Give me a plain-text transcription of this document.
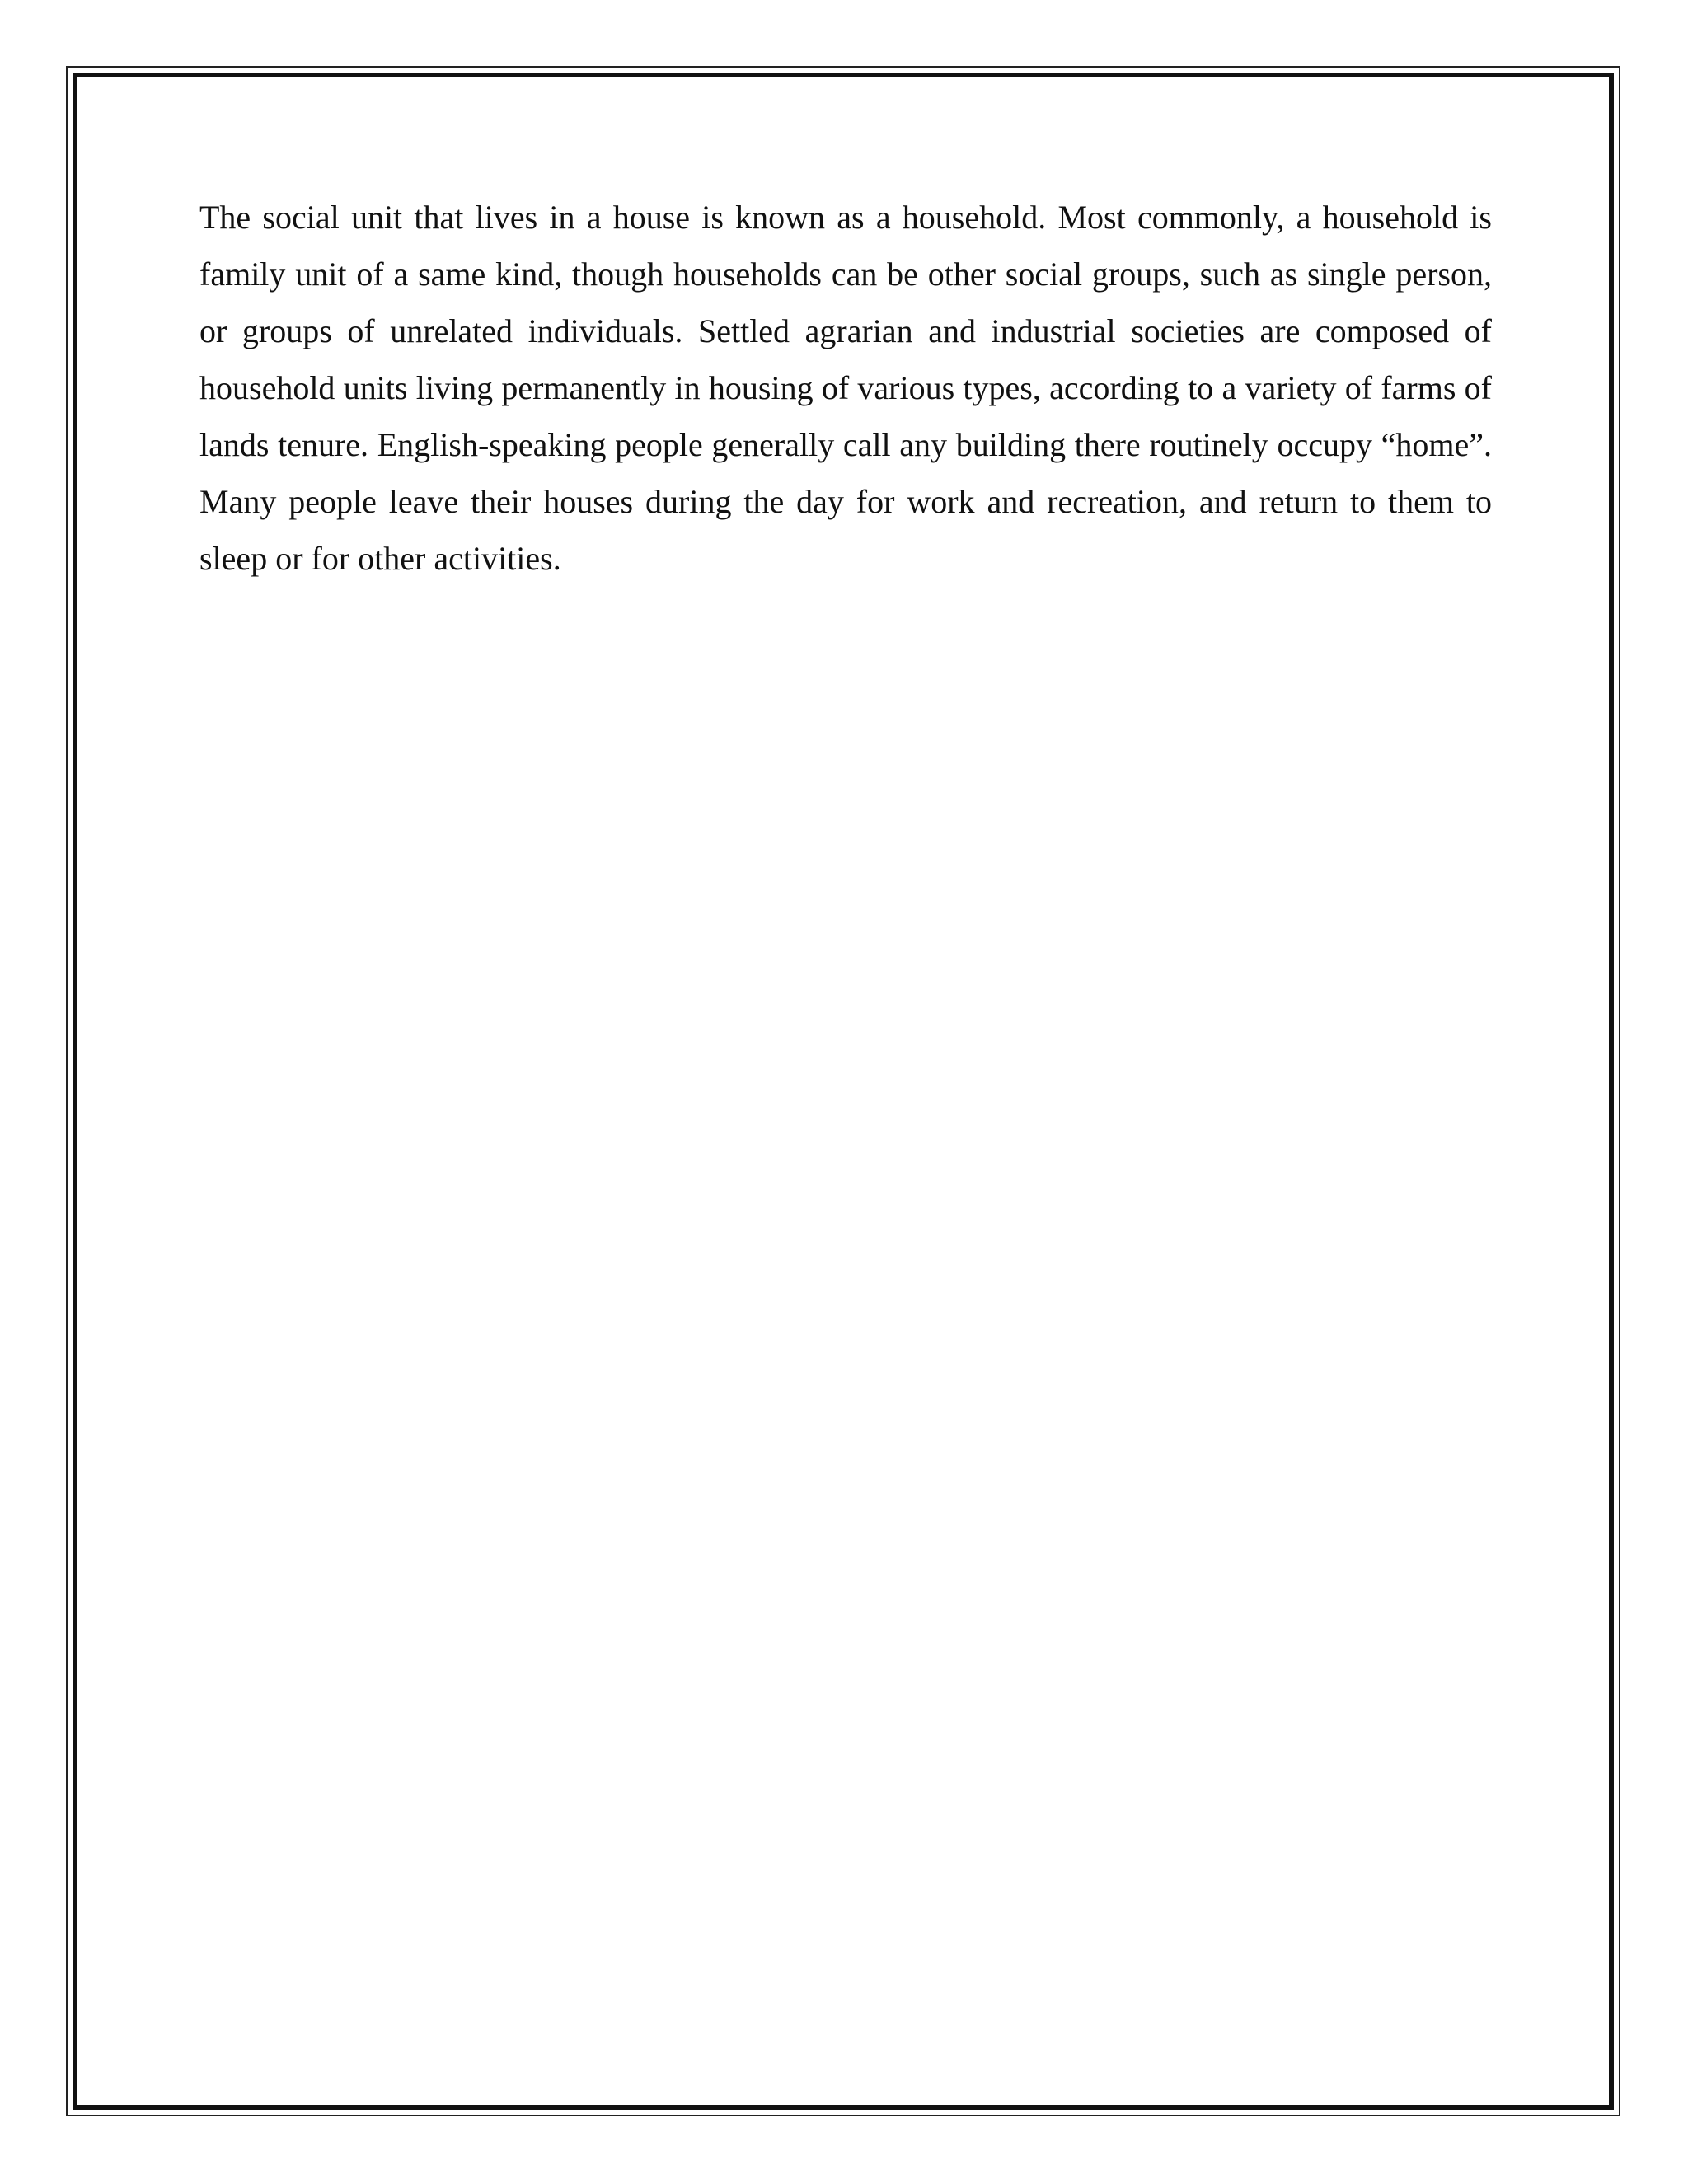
The social unit that lives in a house is known as a household. Most commonly, a household is family unit of a same kind, though households can be other social groups, such as single person, or groups of unrelated individuals. Settled agrarian and industrial societies are composed of household units living permanently in housing of various types, according to a variety of farms of lands tenure. English-speaking people generally call any building there routinely occupy “home”. Many people leave their houses during the day for work and recreation, and return to them to sleep or for other activities.
